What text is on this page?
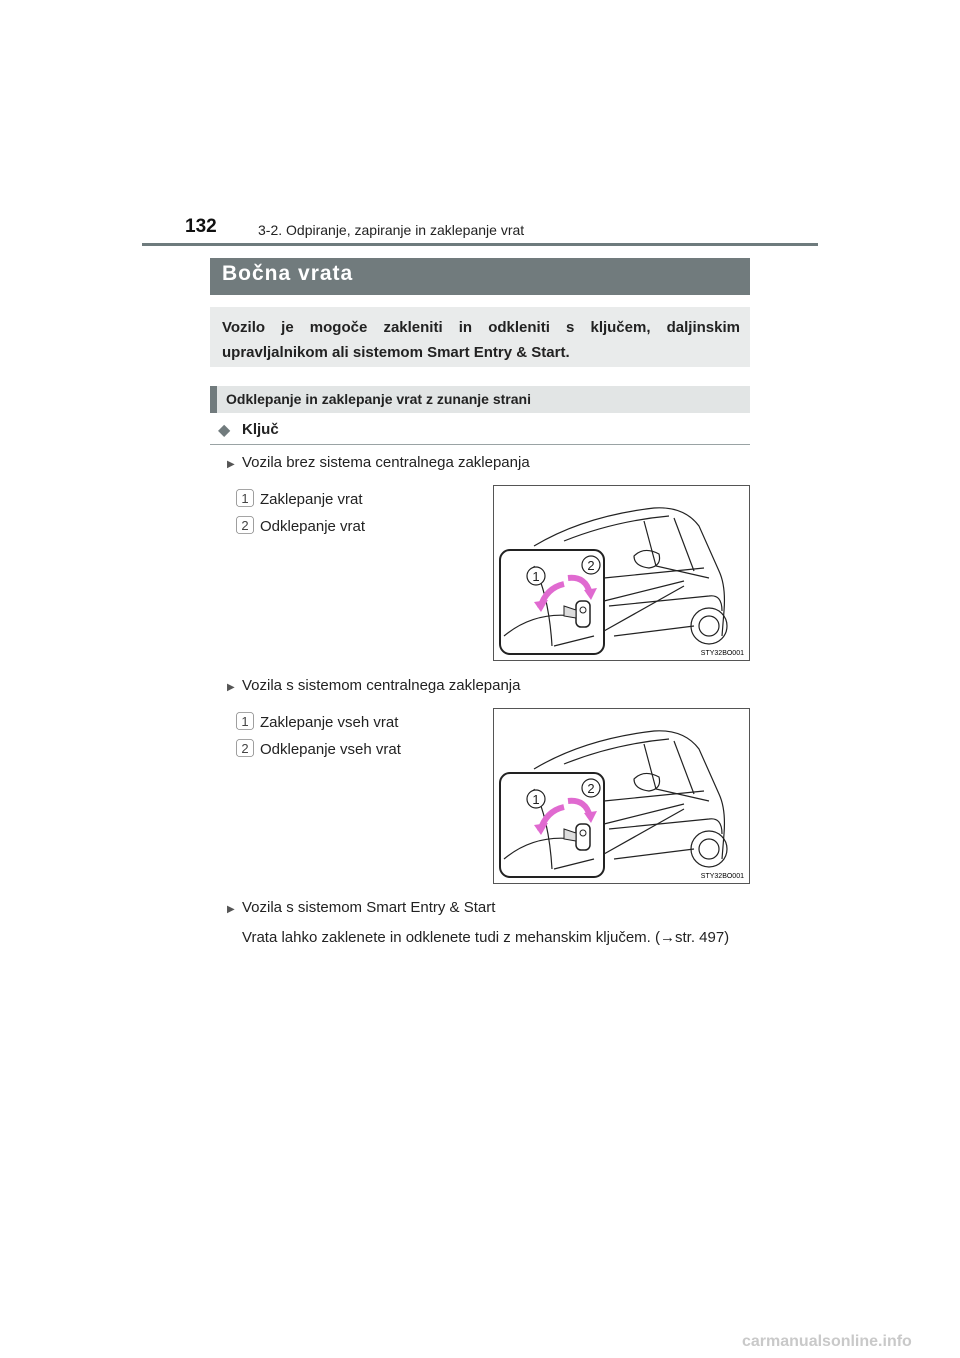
132	3-2. Odpiranje, zapiranje in zaklepanje vrat
Bočna vrata
Vozilo je mogoče zakleniti in odkleniti s ključem, daljinskim upravljalnikom ali sistemom Smart Entry & Start.
Odklepanje in zaklepanje vrat z zunanje strani
◆ Ključ
▶ Vozila brez sistema centralnega zaklepanja
1 Zaklepanje vrat
2 Odklepanje vrat
1
2
STY32BO001
▶ Vozila s sistemom centralnega zaklepanja
1 Zaklepanje vseh vrat
2 Odklepanje vseh vrat
1
2
STY32BO001
▶ Vozila s sistemom Smart Entry & Start
Vrata lahko zaklenete in odklenete tudi z mehanskim ključem. (→str. 497)
carmanualsonline.info
